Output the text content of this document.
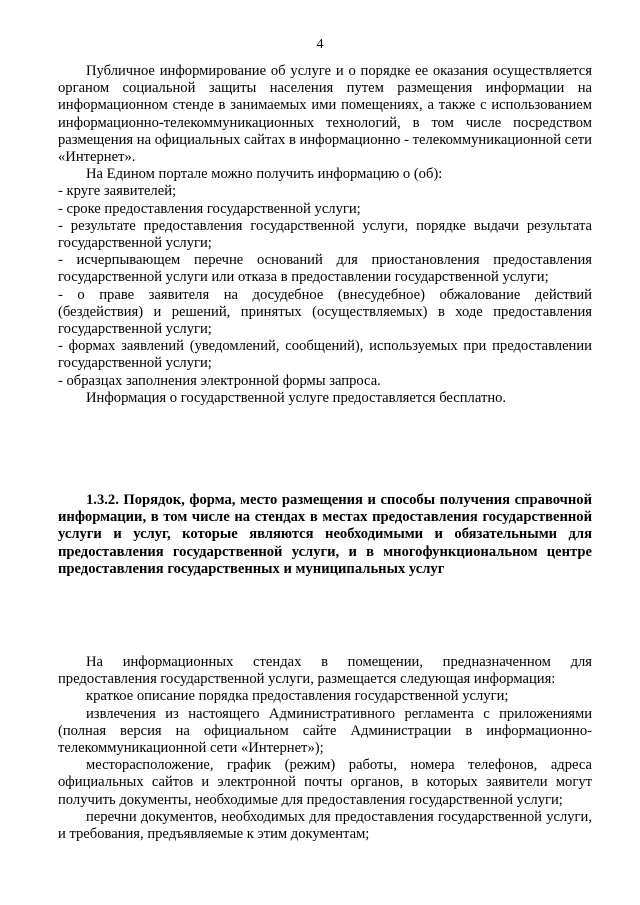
4

Публичное информирование об услуге и о порядке ее оказания осуществляется органом социальной защиты населения путем размещения информации на информационном стенде в занимаемых ими помещениях, а также с использованием информационно-телекоммуникационных технологий, в том числе посредством размещения на официальных сайтах в информационно - телекоммуникационной сети «Интернет».

На Едином портале можно получить информацию о (об):

- круге заявителей;

- сроке предоставления государственной услуги;

- результате предоставления государственной услуги, порядке выдачи результата государственной услуги;

- исчерпывающем перечне оснований для приостановления предоставления государственной услуги или отказа в предоставлении государственной услуги;

- о праве заявителя на досудебное (внесудебное) обжалование действий (бездействия) и решений, принятых (осуществляемых) в ходе предоставления государственной услуги;

- формах заявлений (уведомлений, сообщений), используемых при предоставлении государственной услуги;

- образцах заполнения электронной формы запроса.

Информация о государственной услуге предоставляется бесплатно.

1.3.2. Порядок, форма, место размещения и способы получения справочной информации, в том числе на стендах в местах предоставления государственной услуги и услуг, которые являются необходимыми и обязательными для предоставления государственной услуги, и в многофункциональном центре предоставления государственных и муниципальных услуг

На информационных стендах в помещении, предназначенном для предоставления государственной услуги, размещается следующая информация:

краткое описание порядка предоставления государственной услуги;

извлечения из настоящего Административного регламента с приложениями (полная версия на официальном сайте Администрации в информационно-телекоммуникационной сети «Интернет»);

месторасположение, график (режим) работы, номера телефонов, адреса официальных сайтов и электронной почты органов, в которых заявители могут получить документы, необходимые для предоставления государственной услуги;

перечни документов, необходимых для предоставления государственной услуги, и требования, предъявляемые к этим документам;
